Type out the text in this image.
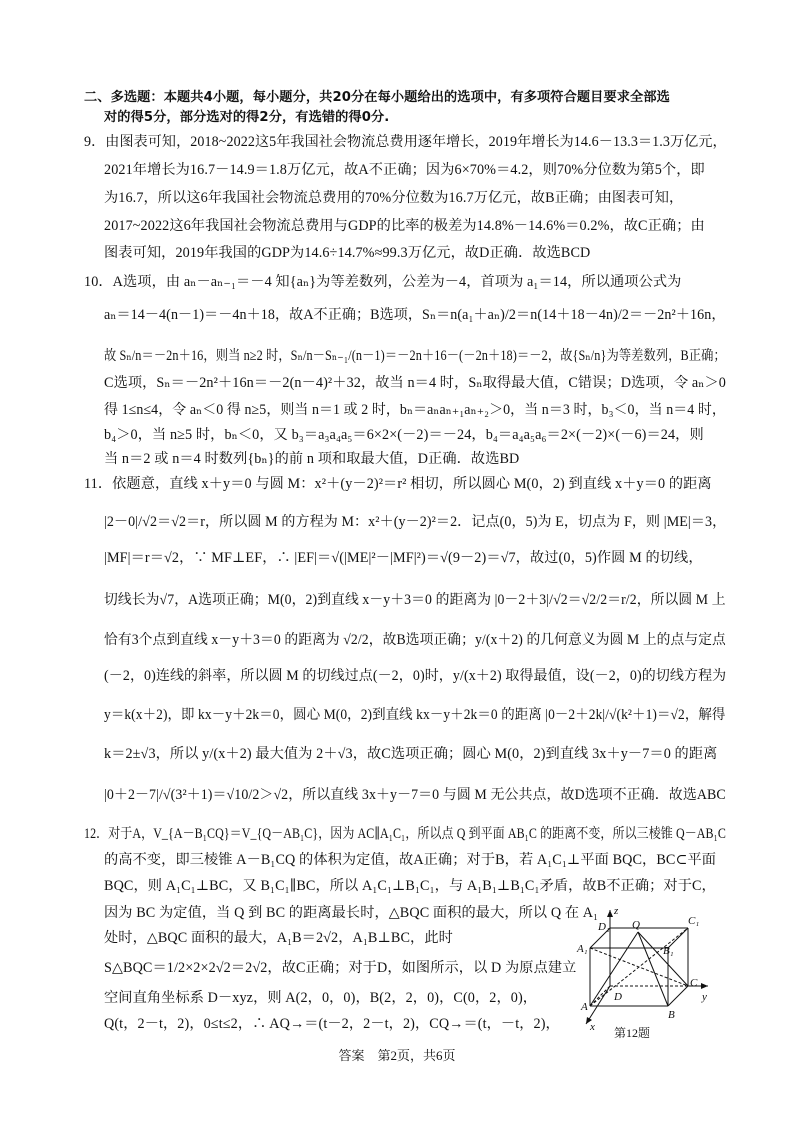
二、多选题：本题共4小题，每小题分，共20分在每小题给出的选项中，有多项符合题目要求全部选
对的得5分，部分选对的得2分，有选错的得0分.
9．由图表可知，2018~2022这5年我国社会物流总费用逐年增长，2019年增长为14.6－13.3＝1.3万亿元，
2021年增长为16.7－14.9＝1.8万亿元，故A不正确；因为6×70%＝4.2，则70%分位数为第5个，即
为16.7，所以这6年我国社会物流总费用的70%分位数为16.7万亿元，故B正确；由图表可知，
2017~2022这6年我国社会物流总费用与GDP的比率的极差为14.8%－14.6%＝0.2%，故C正确；由
图表可知，2019年我国的GDP为14.6÷14.7%≈99.3万亿元，故D正确．故选BCD
10．A选项，由 aₙ－aₙ₋₁＝－4 知{aₙ}为等差数列，公差为－4，首项为 a₁＝14，所以通项公式为
aₙ＝14－4(n－1)＝－4n＋18，故A不正确；B选项，Sₙ＝n(a₁＋aₙ)/2＝n(14＋18－4n)/2＝－2n²＋16n，
故 Sₙ/n＝－2n＋16，则当 n≥2 时，Sₙ/n－Sₙ₋₁/(n－1)＝－2n＋16－(－2n＋18)＝－2，故{Sₙ/n}为等差数列，B正确；
C选项，Sₙ＝－2n²＋16n＝－2(n－4)²＋32，故当 n＝4 时，Sₙ取得最大值，C错误；D选项，令 aₙ＞0
得 1≤n≤4，令 aₙ＜0 得 n≥5，则当 n＝1 或 2 时，bₙ＝aₙaₙ₊₁aₙ₊₂＞0，当 n＝3 时，b₃＜0，当 n＝4 时，
b₄＞0，当 n≥5 时，bₙ＜0，又 b₃＝a₃a₄a₅＝6×2×(－2)＝－24，b₄＝a₄a₅a₆＝2×(－2)×(－6)＝24，则
当 n＝2 或 n＝4 时数列{bₙ}的前 n 项和取最大值，D正确．故选BD
11．依题意，直线 x＋y＝0 与圆 M：x²＋(y－2)²＝r² 相切，所以圆心 M(0，2) 到直线 x＋y＝0 的距离
|2－0|/√2＝√2＝r，所以圆 M 的方程为 M：x²＋(y－2)²＝2．记点(0，5)为 E，切点为 F，则 |ME|＝3，
|MF|＝r＝√2，∵ MF⊥EF，∴ |EF|＝√(|ME|²－|MF|²)＝√(9－2)＝√7，故过(0，5)作圆 M 的切线，
切线长为√7，A选项正确；M(0，2)到直线 x－y＋3＝0 的距离为 |0－2＋3|/√2＝√2/2＝r/2，所以圆 M 上
恰有3个点到直线 x－y＋3＝0 的距离为 √2/2，故B选项正确；y/(x＋2) 的几何意义为圆 M 上的点与定点
(－2，0)连线的斜率，所以圆 M 的切线过点(－2，0)时，y/(x＋2) 取得最值，设(－2，0)的切线方程为
y＝k(x＋2)，即 kx－y＋2k＝0，圆心 M(0，2)到直线 kx－y＋2k＝0 的距离 |0－2＋2k|/√(k²＋1)＝√2，解得
k＝2±√3，所以 y/(x＋2) 最大值为 2＋√3，故C选项正确；圆心 M(0，2)到直线 3x＋y－7＝0 的距离
|0＋2－7|/√(3²＋1)＝√10/2＞√2，所以直线 3x＋y－7＝0 与圆 M 无公共点，故D选项不正确．故选ABC
12．对于A，V_{A－B₁CQ}＝V_{Q－AB₁C}，因为 AC∥A₁C₁，所以点 Q 到平面 AB₁C 的距离不变，所以三棱锥 Q－AB₁C
的高不变，即三棱锥 A－B₁CQ 的体积为定值，故A正确；对于B，若 A₁C₁⊥平面 BQC，BC⊂平面
BQC，则 A₁C₁⊥BC，又 B₁C₁∥BC，所以 A₁C₁⊥B₁C₁，与 A₁B₁⊥B₁C₁矛盾，故B不正确；对于C，
因为 BC 为定值，当 Q 到 BC 的距离最长时，△BQC 面积的最大，所以 Q 在 A₁
处时，△BQC 面积的最大，A₁B＝2√2，A₁B⊥BC，此时
S△BQC＝1/2×2×2√2＝2√2，故C正确；对于D，如图所示，以 D 为原点建立
空间直角坐标系 D－xyz，则 A(2，0，0)，B(2，2，0)，C(0，2，0)，
Q(t，2－t，2)，0≤t≤2，∴ AQ→＝(t－2，2－t，2)，CQ→＝(t，－t，2)，
D₁ Q	C₁
A₁	B₁
z
D
C
A
B
x
y
第12题
答案　第2页，共6页
